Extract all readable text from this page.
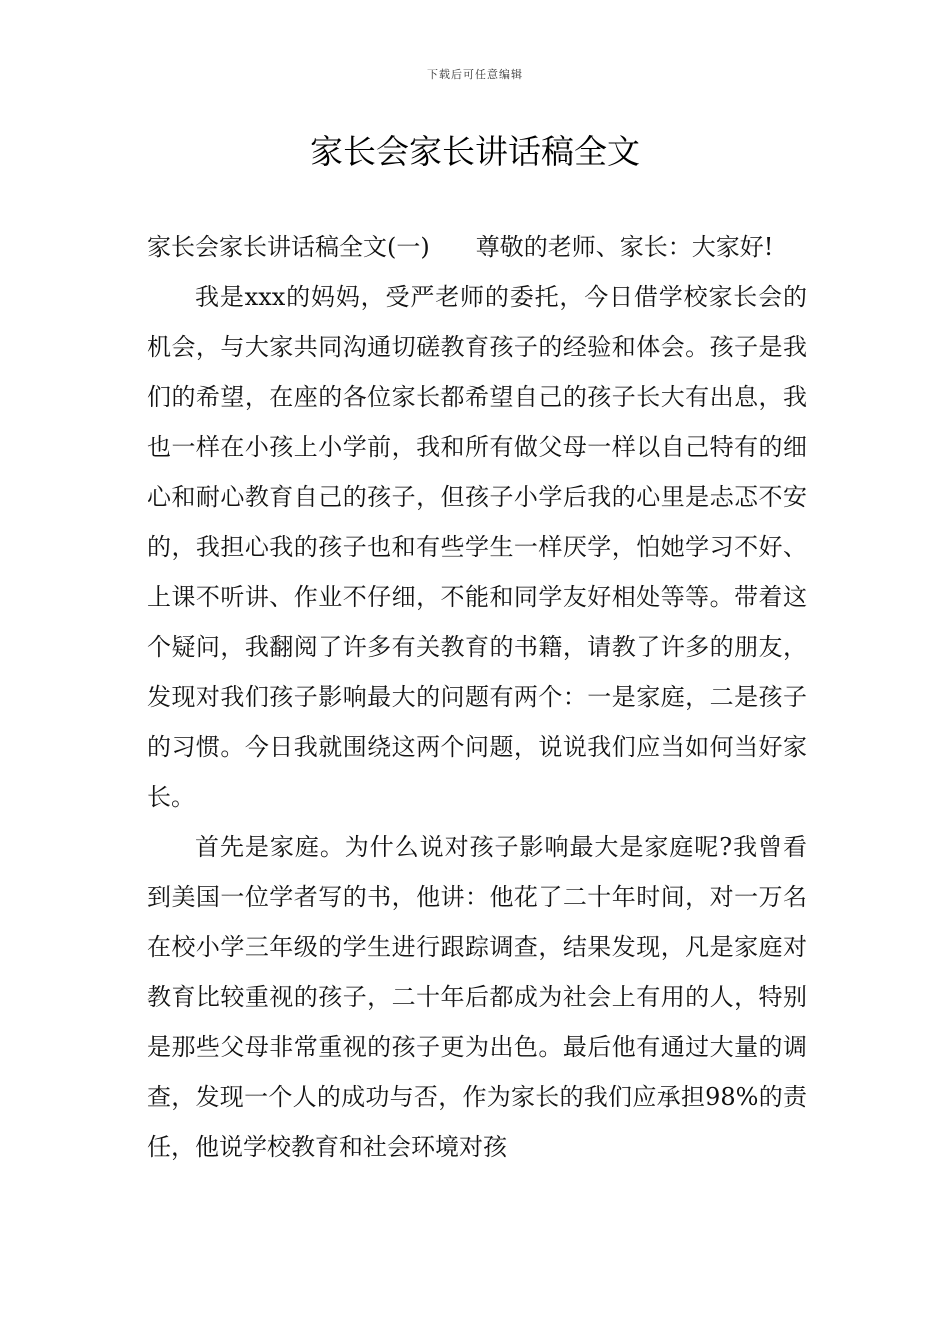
下载后可任意编辑
家长会家长讲话稿全文

家长会家长讲话稿全文(一) 尊敬的老师、家长：大家好!

我是xxx的妈妈，受严老师的委托，今日借学校家长会的机会，与大家共同沟通切磋教育孩子的经验和体会。孩子是我们的希望，在座的各位家长都希望自己的孩子长大有出息，我也一样在小孩上小学前，我和所有做父母一样以自己特有的细心和耐心教育自己的孩子，但孩子小学后我的心里是忐忑不安的，我担心我的孩子也和有些学生一样厌学，怕她学习不好、上课不听讲、作业不仔细，不能和同学友好相处等等。带着这个疑问，我翻阅了许多有关教育的书籍，请教了许多的朋友，发现对我们孩子影响最大的问题有两个：一是家庭，二是孩子的习惯。今日我就围绕这两个问题，说说我们应当如何当好家长。

首先是家庭。为什么说对孩子影响最大是家庭呢?我曾看到美国一位学者写的书，他讲：他花了二十年时间，对一万名在校小学三年级的学生进行跟踪调查，结果发现，凡是家庭对教育比较重视的孩子，二十年后都成为社会上有用的人，特别是那些父母非常重视的孩子更为出色。最后他有通过大量的调查，发现一个人的成功与否，作为家长的我们应承担98%的责任，他说学校教育和社会环境对孩
